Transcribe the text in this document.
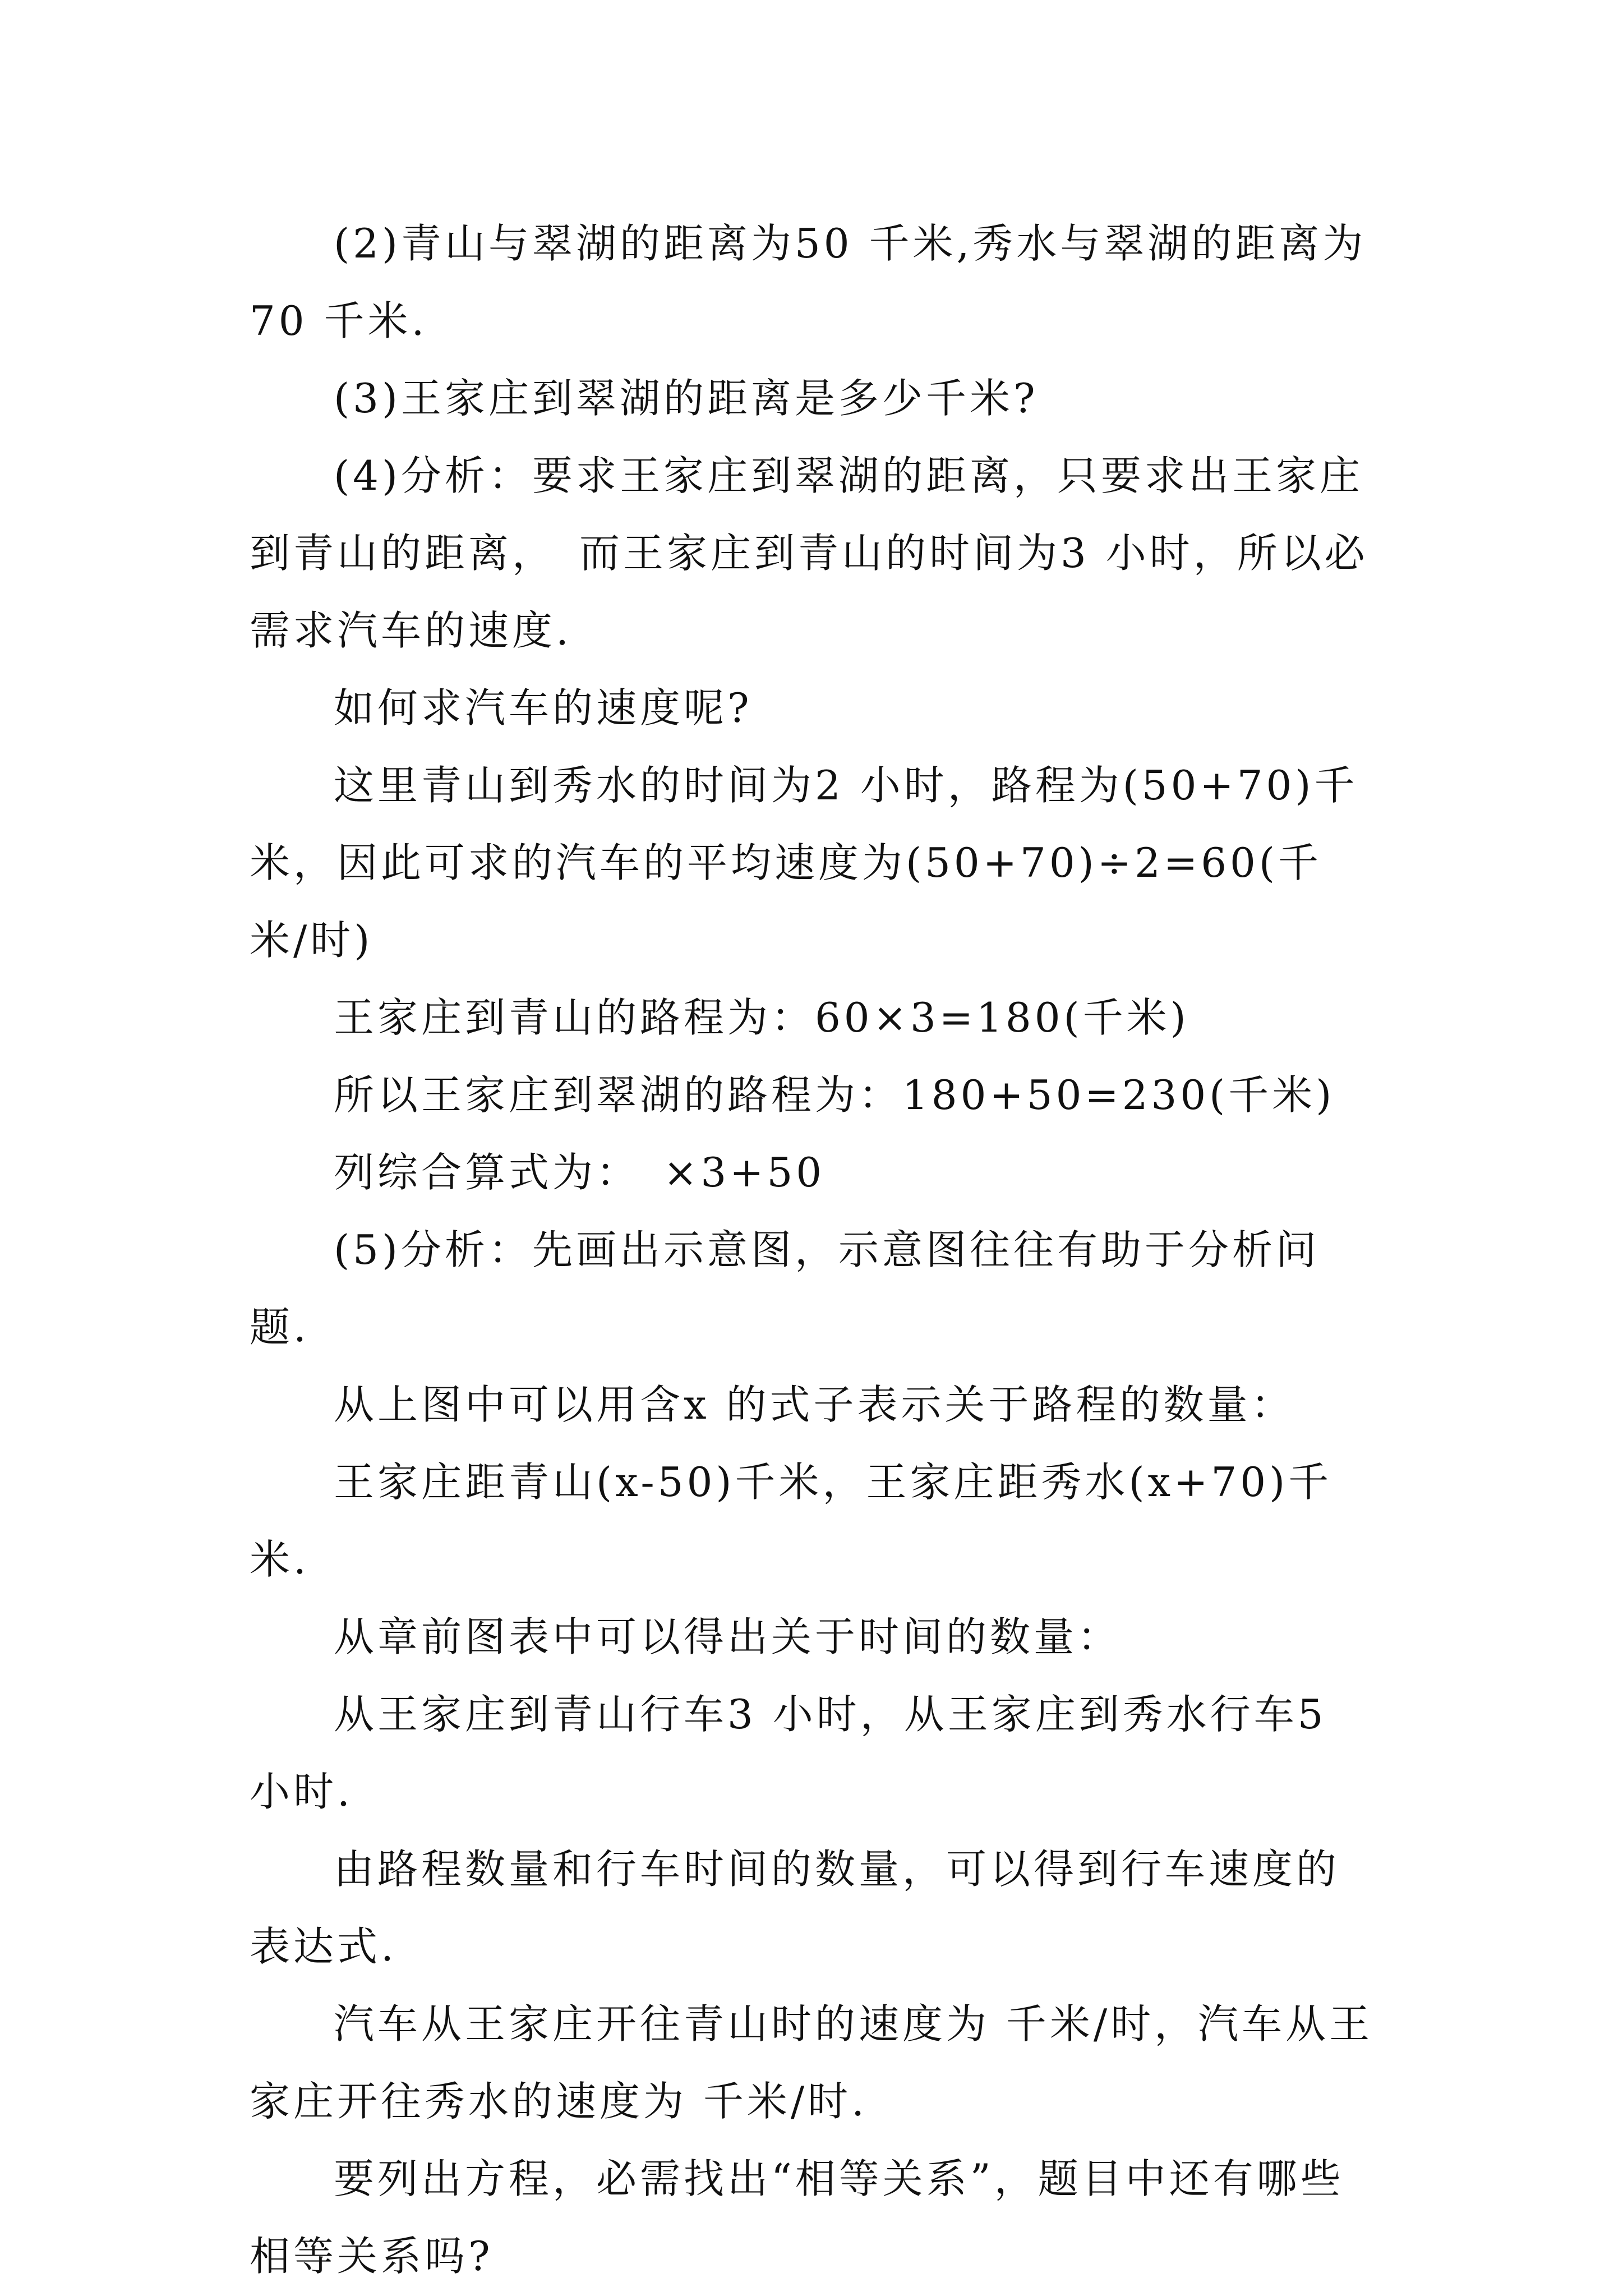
(2)青山与翠湖的距离为50 千米,秀水与翠湖的距离为70 千米.

(3)王家庄到翠湖的距离是多少千米?

(4)分析：要求王家庄到翠湖的距离，只要求出王家庄到青山的距离，　而王家庄到青山的时间为3 小时，所以必需求汽车的速度.

如何求汽车的速度呢?

这里青山到秀水的时间为2 小时，路程为(50+70)千米，因此可求的汽车的平均速度为(50+70)÷2=60(千米/时)

王家庄到青山的路程为：60×3=180(千米)

所以王家庄到翠湖的路程为：180+50=230(千米)

列综合算式为：　×3+50

(5)分析：先画出示意图，示意图往往有助于分析问题.

从上图中可以用含x 的式子表示关于路程的数量：

王家庄距青山(x-50)千米，王家庄距秀水(x+70)千米.

从章前图表中可以得出关于时间的数量：

从王家庄到青山行车3 小时，从王家庄到秀水行车5 小时.

由路程数量和行车时间的数量，可以得到行车速度的表达式.

汽车从王家庄开往青山时的速度为 千米/时，汽车从王家庄开往秀水的速度为 千米/时.

要列出方程，必需找出“相等关系”，题目中还有哪些相等关系吗?
